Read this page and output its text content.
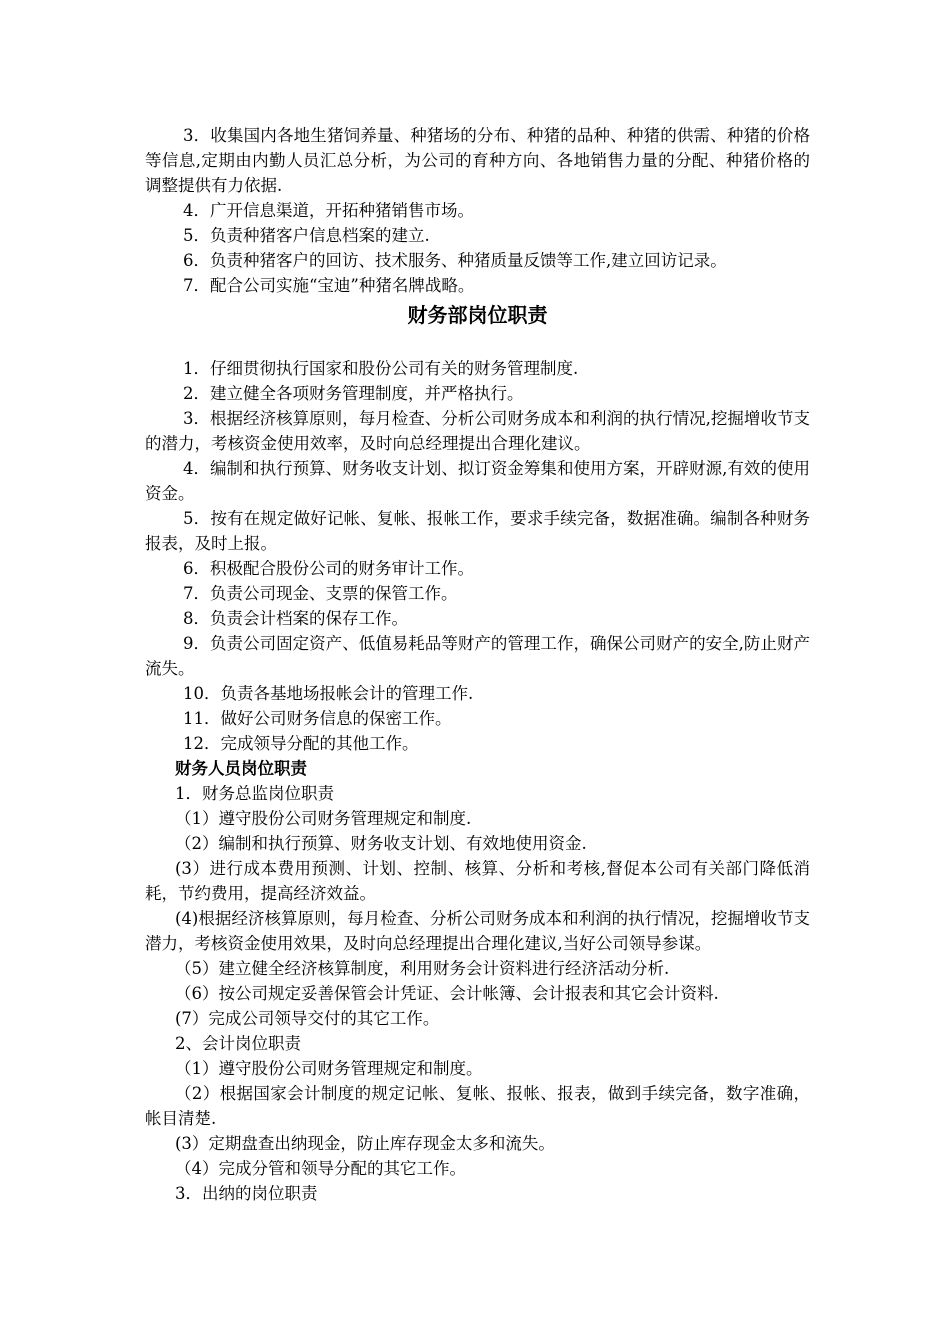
3．收集国内各地生猪饲养量、种猪场的分布、种猪的品种、种猪的供需、种猪的价格等信息,定期由内勤人员汇总分析，为公司的育种方向、各地销售力量的分配、种猪价格的调整提供有力依据.

4．广开信息渠道，开拓种猪销售市场。

5．负责种猪客户信息档案的建立.

6．负责种猪客户的回访、技术服务、种猪质量反馈等工作,建立回访记录。

7．配合公司实施“宝迪”种猪名牌战略。

财务部岗位职责

1．仔细贯彻执行国家和股份公司有关的财务管理制度.

2．建立健全各项财务管理制度，并严格执行。

3．根据经济核算原则，每月检查、分析公司财务成本和利润的执行情况,挖掘增收节支的潜力，考核资金使用效率，及时向总经理提出合理化建议。

4．编制和执行预算、财务收支计划、拟订资金筹集和使用方案，开辟财源,有效的使用资金。

5．按有在规定做好记帐、复帐、报帐工作，要求手续完备，数据准确。编制各种财务报表，及时上报。

6．积极配合股份公司的财务审计工作。

7．负责公司现金、支票的保管工作。

8．负责会计档案的保存工作。

9．负责公司固定资产、低值易耗品等财产的管理工作，确保公司财产的安全,防止财产流失。

10．负责各基地场报帐会计的管理工作.

11．做好公司财务信息的保密工作。

12．完成领导分配的其他工作。

财务人员岗位职责

1．财务总监岗位职责

（1）遵守股份公司财务管理规定和制度.

（2）编制和执行预算、财务收支计划、有效地使用资金.

(3）进行成本费用预测、计划、控制、核算、分析和考核,督促本公司有关部门降低消耗，节约费用，提高经济效益。

(4)根据经济核算原则，每月检查、分析公司财务成本和利润的执行情况，挖掘增收节支潜力，考核资金使用效果，及时向总经理提出合理化建议,当好公司领导参谋。

（5）建立健全经济核算制度，利用财务会计资料进行经济活动分析.

（6）按公司规定妥善保管会计凭证、会计帐簿、会计报表和其它会计资料.

(7）完成公司领导交付的其它工作。

2、会计岗位职责

（1）遵守股份公司财务管理规定和制度。

（2）根据国家会计制度的规定记帐、复帐、报帐、报表，做到手续完备，数字准确，帐目清楚.

(3）定期盘查出纳现金，防止库存现金太多和流失。

（4）完成分管和领导分配的其它工作。

3．出纳的岗位职责
